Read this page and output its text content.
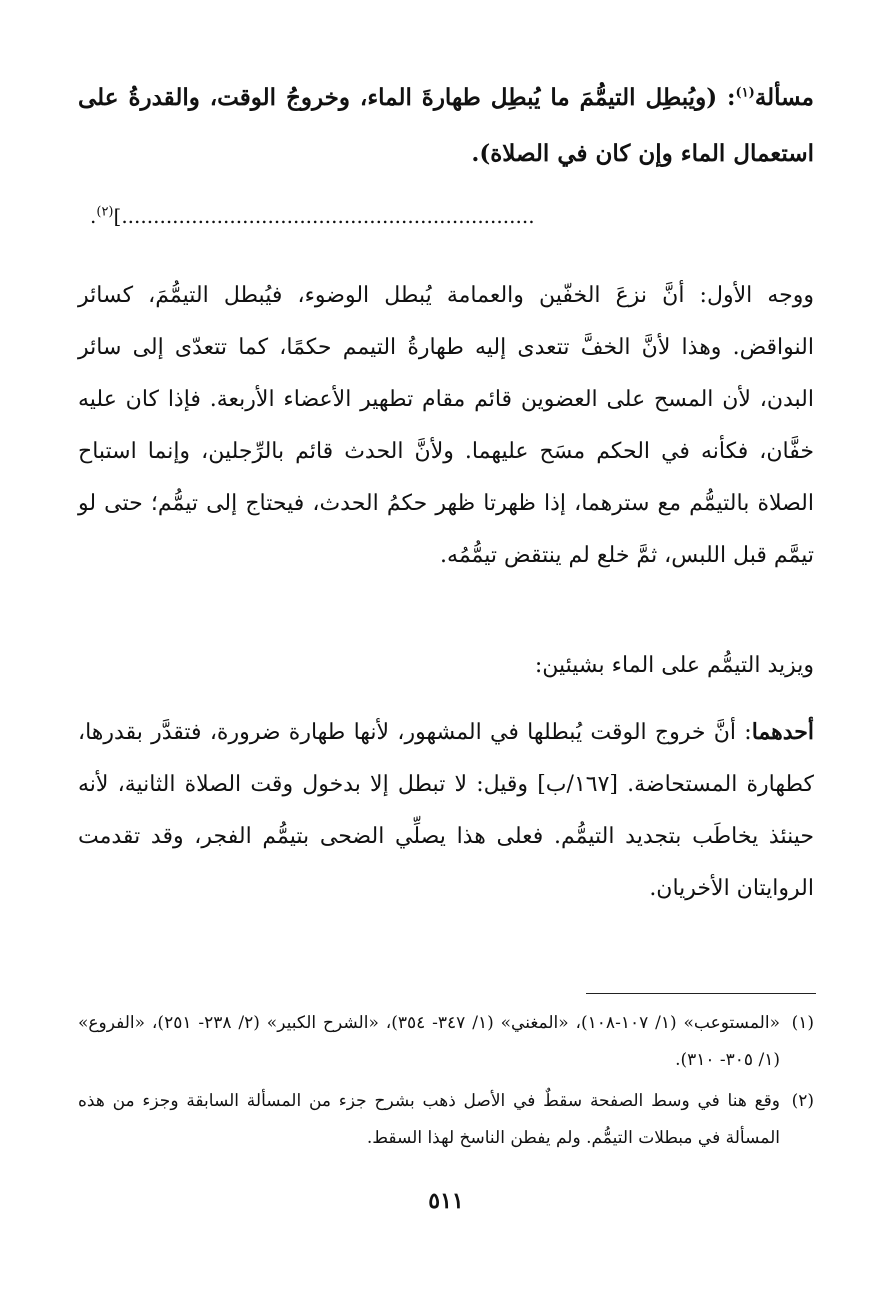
مسألة$^{(١)}$: (ويُبطِل التيمُّمَ ما يُبطِل طهارةَ الماء، وخروجُ الوقت، والقدرةُ على استعمال الماء وإن كان في الصلاة).

.................................................................]$^{(٢)}$.

ووجه الأول: أنَّ نزعَ الخفّين والعمامة يُبطل الوضوء، فيُبطل التيمُّمَ، كسائر النواقض. وهذا لأنَّ الخفَّ تتعدى إليه طهارةُ التيمم حكمًا، كما تتعدّى إلى سائر البدن، لأن المسح على العضوين قائم مقام تطهير الأعضاء الأربعة. فإذا كان عليه خفَّان، فكأنه في الحكم مسَح عليهما. ولأنَّ الحدث قائم بالرِّجلين، وإنما استباح الصلاة بالتيمُّم مع سترهما، إذا ظهرتا ظهر حكمُ الحدث، فيحتاج إلى تيمُّم؛ حتى لو تيمَّم قبل اللبس، ثمَّ خلع لم ينتقض تيمُّمُه.

ويزيد التيمُّم على الماء بشيئين:

أحدهما: أنَّ خروج الوقت يُبطلها في المشهور، لأنها طهارة ضرورة، فتقدَّر بقدرها، كطهارة المستحاضة. [١٦٧/ب] وقيل: لا تبطل إلا بدخول وقت الصلاة الثانية، لأنه حينئذ يخاطَب بتجديد التيمُّم. فعلى هذا يصلِّي الضحى بتيمُّم الفجر، وقد تقدمت الروايتان الأخريان.

(١)
«المستوعب» (١/ ١٠٧-١٠٨)، «المغني» (١/ ٣٤٧- ٣٥٤)، «الشرح الكبير» (٢/ ٢٣٨- ٢٥١)، «الفروع» (١/ ٣٠٥- ٣١٠).
(٢)
وقع هنا في وسط الصفحة سقطٌ في الأصل ذهب بشرح جزء من المسألة السابقة وجزء من هذه المسألة في مبطلات التيمُّم. ولم يفطن الناسخ لهذا السقط.
٥١١
